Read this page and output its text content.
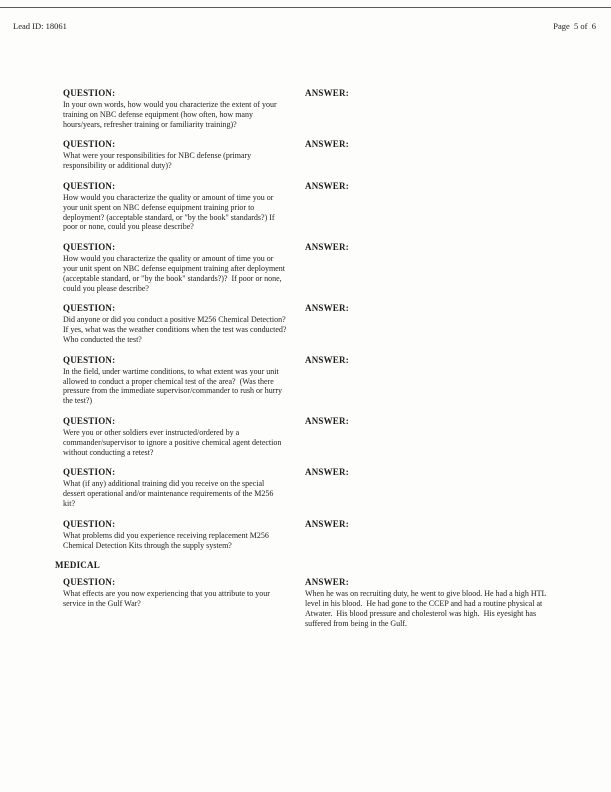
Lead ID: 18061	Page  5 of  6
QUESTION:
In your own words, how would you characterize the extent of your training on NBC defense equipment (how often, how many hours/years, refresher training or familiarity training)?
ANSWER:
QUESTION:
What were your responsibilities for NBC defense (primary responsibility or additional duty)?
ANSWER:
QUESTION:
How would you characterize the quality or amount of time you or your unit spent on NBC defense equipment training prior to deployment? (acceptable standard, or "by the book" standards?) If poor or none, could you please describe?
ANSWER:
QUESTION:
How would you characterize the quality or amount of time you or your unit spent on NBC defense equipment training after deployment (acceptable standard, or "by the book" standards?)?  If poor or none, could you please describe?
ANSWER:
QUESTION:
Did anyone or did you conduct a positive M256 Chemical Detection?  If yes, what was the weather conditions when the test was conducted?  Who conducted the test?
ANSWER:
QUESTION:
In the field, under wartime conditions, to what extent was your unit allowed to conduct a proper chemical test of the area?  (Was there pressure from the immediate supervisor/commander to rush or hurry the test?)
ANSWER:
QUESTION:
Were you or other soldiers ever instructed/ordered by a commander/supervisor to ignore a positive chemical agent detection without conducting a retest?
ANSWER:
QUESTION:
What (if any) additional training did you receive on the special dessert operational and/or maintenance requirements of the M256 kit?
ANSWER:
QUESTION:
What problems did you experience receiving replacement M256 Chemical Detection Kits through the supply system?
ANSWER:
MEDICAL
QUESTION:
What effects are you now experiencing that you attribute to your service in the Gulf War?
ANSWER:
When he was on recruiting duty, he went to give blood. He had a high HTL level in his blood.  He had gone to the CCEP and had a routine physical at Atwater.  His blood pressure and cholesterol was high.  His eyesight has suffered from being in the Gulf.
